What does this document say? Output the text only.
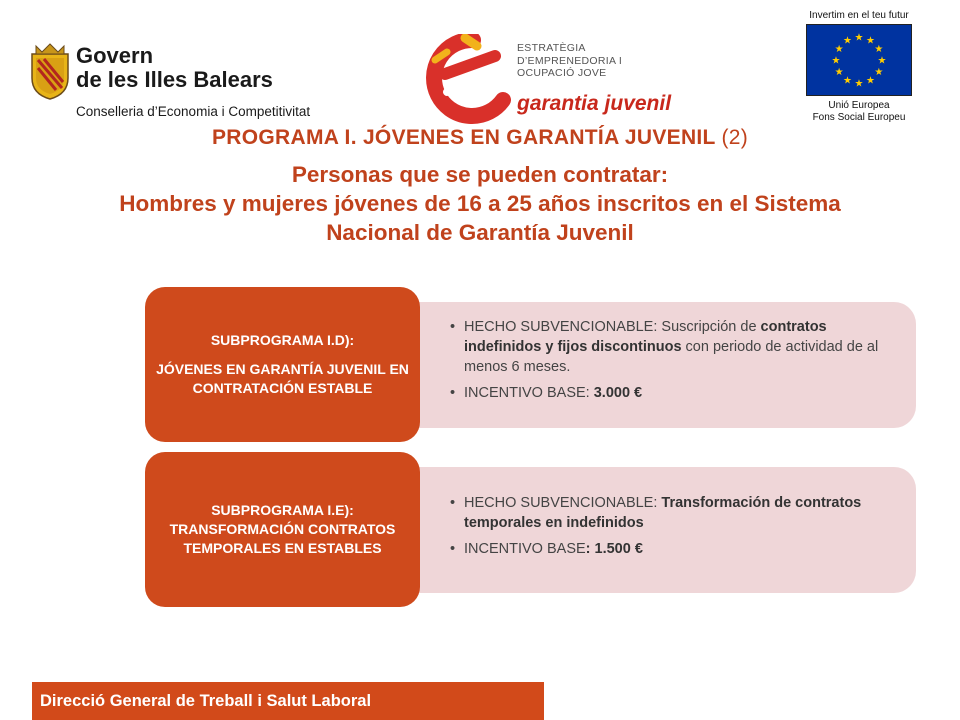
Govern
de les Illes Balears
Conselleria d’Economia i Competitivitat
ESTRATÈGIA
D’EMPRENEDORIA I
OCUPACIÓ JOVE
garantia juvenil
Invertim en el teu futur
★ ★
★
★
★
★
★
★
★
★
★
★
Unió Europea
Fons Social Europeu
PROGRAMA I. JÓVENES EN GARANTÍA JUVENIL (2)
Personas que se pueden contratar:
Hombres y mujeres jóvenes de 16 a 25 años inscritos en el Sistema
Nacional de Garantía Juvenil
SUBPROGRAMA I.D):
JÓVENES EN GARANTÍA JUVENIL EN CONTRATACIÓN ESTABLE
• HECHO SUBVENCIONABLE: Suscripción de contratos indefinidos y fijos discontinuos con periodo de actividad de al menos 6 meses.
• INCENTIVO BASE: 3.000 €
SUBPROGRAMA I.E):
TRANSFORMACIÓN CONTRATOS TEMPORALES EN ESTABLES
• HECHO SUBVENCIONABLE: Transformación de contratos temporales en indefinidos
• INCENTIVO BASE: 1.500 €
Direcció General de Treball i Salut Laboral
